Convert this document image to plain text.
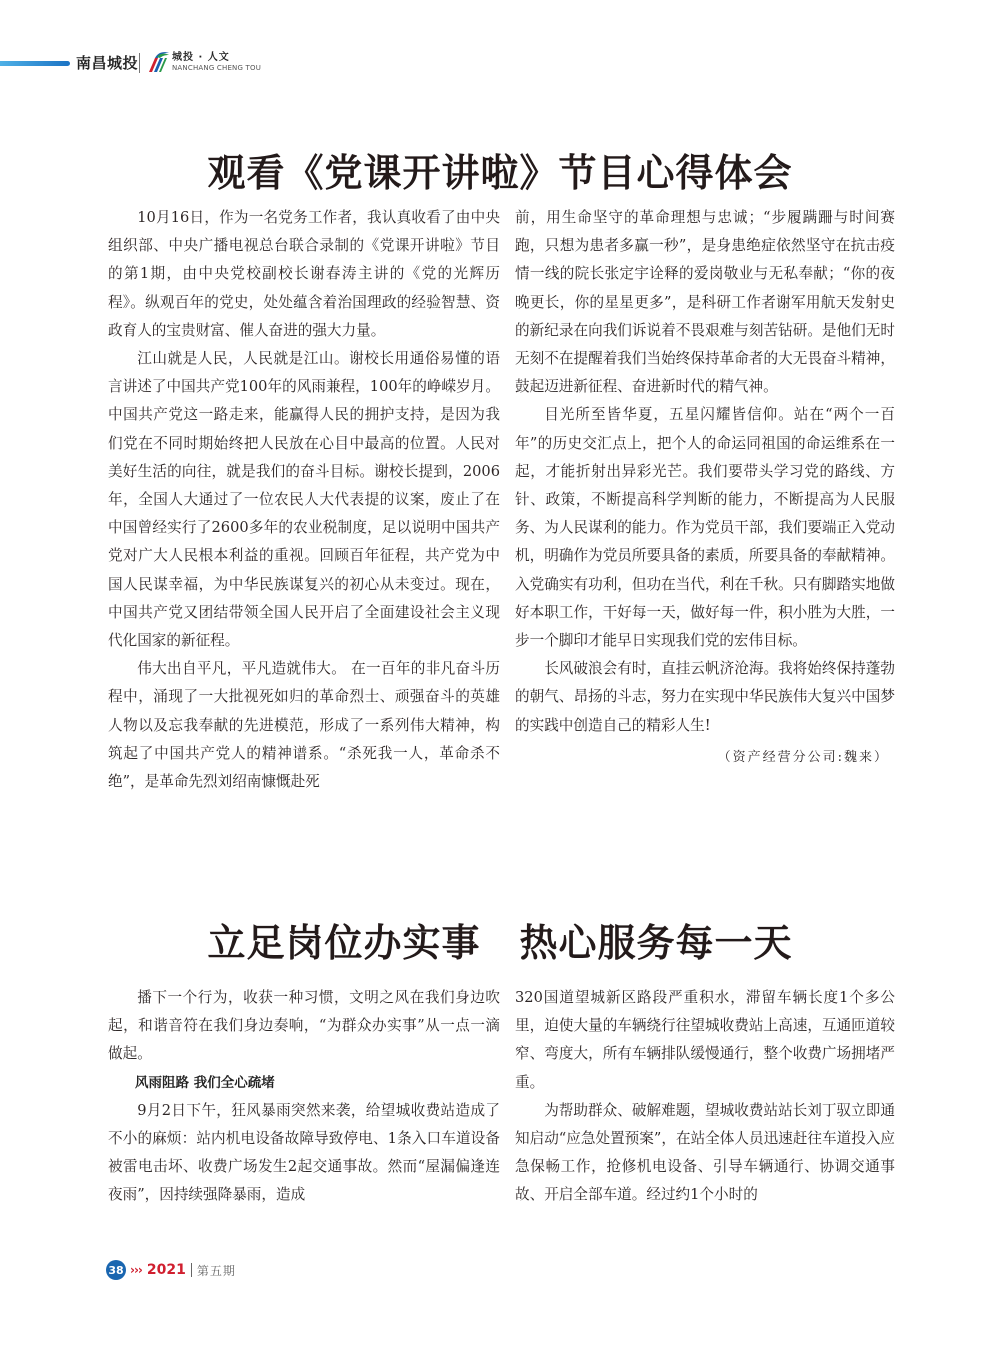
南昌城投	城投 · 人文
NANCHANG CHENG TOU
观看《党课开讲啦》节目心得体会

10月16日，作为一名党务工作者，我认真收看了由中央组织部、中央广播电视总台联合录制的《党课开讲啦》节目的第1期，由中央党校副校长谢春涛主讲的《党的光辉历程》。纵观百年的党史，处处蕴含着治国理政的经验智慧、资政育人的宝贵财富、催人奋进的强大力量。

江山就是人民，人民就是江山。谢校长用通俗易懂的语言讲述了中国共产党100年的风雨兼程，100年的峥嵘岁月。中国共产党这一路走来，能赢得人民的拥护支持，是因为我们党在不同时期始终把人民放在心目中最高的位置。人民对美好生活的向往，就是我们的奋斗目标。谢校长提到，2006年，全国人大通过了一位农民人大代表提的议案，废止了在中国曾经实行了2600多年的农业税制度，足以说明中国共产党对广大人民根本利益的重视。回顾百年征程，共产党为中国人民谋幸福，为中华民族谋复兴的初心从未变过。现在，中国共产党又团结带领全国人民开启了全面建设社会主义现代化国家的新征程。

伟大出自平凡，平凡造就伟大。 在一百年的非凡奋斗历程中，涌现了一大批视死如归的革命烈士、顽强奋斗的英雄人物以及忘我奉献的先进模范，形成了一系列伟大精神，构筑起了中国共产党人的精神谱系。“杀死我一人，革命杀不绝”，是革命先烈刘绍南慷慨赴死

前，用生命坚守的革命理想与忠诚；“步履蹒跚与时间赛跑，只想为患者多赢一秒”，是身患绝症依然坚守在抗击疫情一线的院长张定宇诠释的爱岗敬业与无私奉献；“你的夜晚更长，你的星星更多”，是科研工作者谢军用航天发射史的新纪录在向我们诉说着不畏艰难与刻苦钻研。是他们无时无刻不在提醒着我们当始终保持革命者的大无畏奋斗精神，鼓起迈进新征程、奋进新时代的精气神。

目光所至皆华夏，五星闪耀皆信仰。站在“两个一百年”的历史交汇点上，把个人的命运同祖国的命运维系在一起，才能折射出异彩光芒。我们要带头学习党的路线、方针、政策，不断提高科学判断的能力，不断提高为人民服务、为人民谋利的能力。作为党员干部，我们要端正入党动机，明确作为党员所要具备的素质，所要具备的奉献精神。入党确实有功利，但功在当代，利在千秋。只有脚踏实地做好本职工作，干好每一天，做好每一件，积小胜为大胜，一步一个脚印才能早日实现我们党的宏伟目标。

长风破浪会有时，直挂云帆济沧海。我将始终保持蓬勃的朝气、昂扬的斗志，努力在实现中华民族伟大复兴中国梦的实践中创造自己的精彩人生!

（资产经营分公司:魏来）
立足岗位办实事　热心服务每一天

播下一个行为，收获一种习惯，文明之风在我们身边吹起，和谐音符在我们身边奏响，“为群众办实事”从一点一滴做起。

风雨阻路 我们全心疏堵

9月2日下午，狂风暴雨突然来袭，给望城收费站造成了不小的麻烦：站内机电设备故障导致停电、1条入口车道设备被雷电击坏、收费广场发生2起交通事故。然而“屋漏偏逢连夜雨”，因持续强降暴雨，造成

320国道望城新区路段严重积水，滞留车辆长度1个多公里，迫使大量的车辆绕行往望城收费站上高速，互通匝道较窄、弯度大，所有车辆排队缓慢通行，整个收费广场拥堵严重。

为帮助群众、破解难题，望城收费站站长刘丁驭立即通知启动“应急处置预案”，在站全体人员迅速赶往车道投入应急保畅工作，抢修机电设备、引导车辆通行、协调交通事故、开启全部车道。经过约1个小时的

38 ››› 2021 第五期
